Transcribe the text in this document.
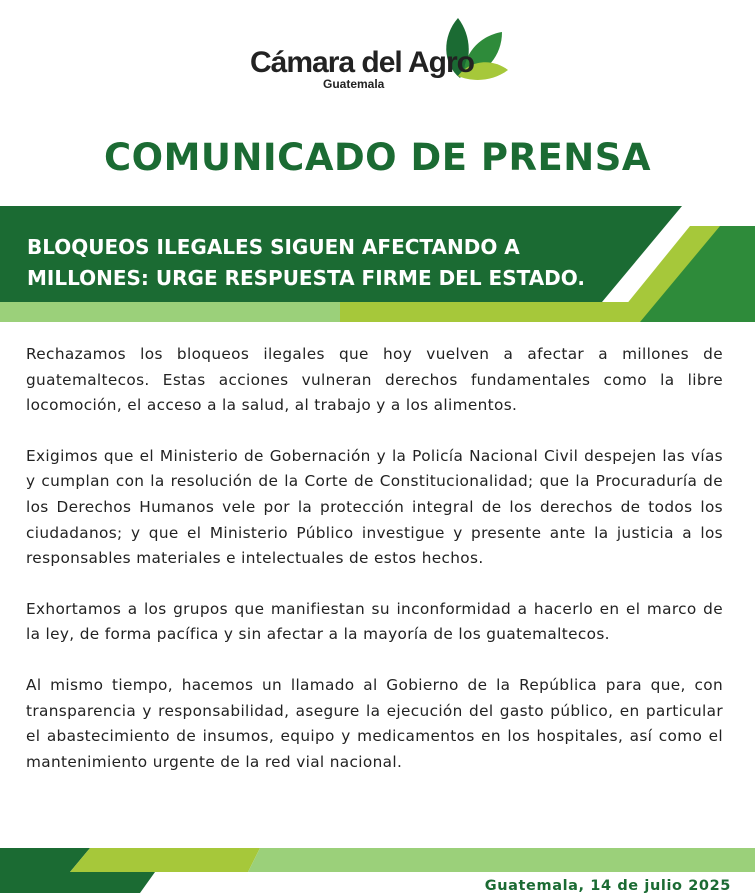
Cámara del Agro
Guatemala
COMUNICADO DE PRENSA
BLOQUEOS ILEGALES SIGUEN AFECTANDO A
MILLONES: URGE RESPUESTA FIRME DEL ESTADO.

Rechazamos los bloqueos ilegales que hoy vuelven a afectar a millones de guatemaltecos. Estas acciones vulneran derechos fundamentales como la libre locomoción, el acceso a la salud, al trabajo y a los alimentos.

Exigimos que el Ministerio de Gobernación y la Policía Nacional Civil despejen las vías y cumplan con la resolución de la Corte de Constitucionalidad; que la Procuraduría de los Derechos Humanos vele por la protección integral de los derechos de todos los ciudadanos; y que el Ministerio Público investigue y presente ante la justicia a los responsables materiales e intelectuales de estos hechos.

Exhortamos a los grupos que manifiestan su inconformidad a hacerlo en el marco de la ley, de forma pacífica y sin afectar a la mayoría de los guatemaltecos.

Al mismo tiempo, hacemos un llamado al Gobierno de la República para que, con transparencia y responsabilidad, asegure la ejecución del gasto público, en particular el abastecimiento de insumos, equipo y medicamentos en los hospitales, así como el mantenimiento urgente de la red vial nacional.

Guatemala, 14 de julio 2025
